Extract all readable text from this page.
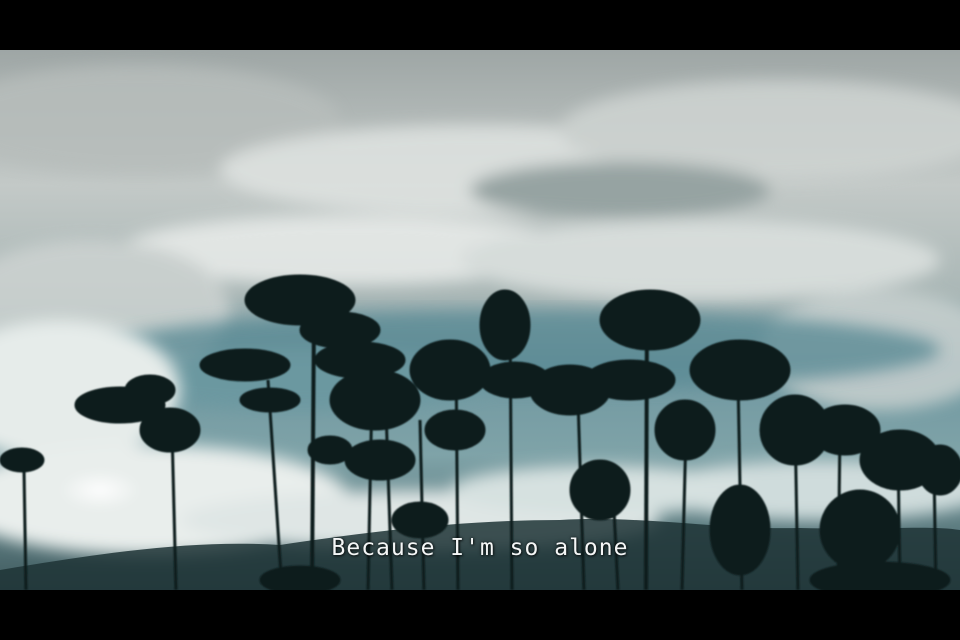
Because I'm so alone
